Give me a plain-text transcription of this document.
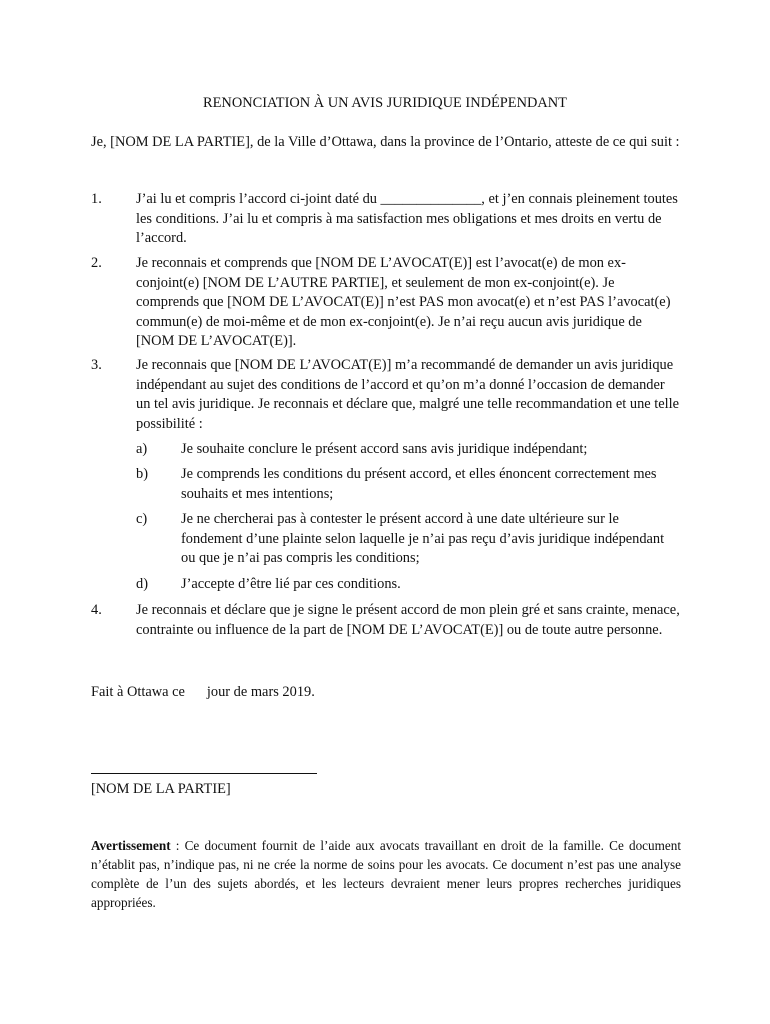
RENONCIATION À UN AVIS JURIDIQUE INDÉPENDANT
Je, [NOM DE LA PARTIE], de la Ville d’Ottawa, dans la province de l’Ontario, atteste de ce qui suit :
1. J’ai lu et compris l’accord ci-joint daté du ______________, et j’en connais pleinement toutes les conditions. J’ai lu et compris à ma satisfaction mes obligations et mes droits en vertu de l’accord.
2. Je reconnais et comprends que [NOM DE L’AVOCAT(E)] est l’avocat(e) de mon ex-conjoint(e) [NOM DE L’AUTRE PARTIE], et seulement de mon ex-conjoint(e). Je comprends que [NOM DE L’AVOCAT(E)] n’est PAS mon avocat(e) et n’est PAS l’avocat(e) commun(e) de moi-même et de mon ex-conjoint(e). Je n’ai reçu aucun avis juridique de [NOM DE L’AVOCAT(E)].
3. Je reconnais que [NOM DE L’AVOCAT(E)] m’a recommandé de demander un avis juridique indépendant au sujet des conditions de l’accord et qu’on m’a donné l’occasion de demander un tel avis juridique. Je reconnais et déclare que, malgré une telle recommandation et une telle possibilité :
a) Je souhaite conclure le présent accord sans avis juridique indépendant;
b) Je comprends les conditions du présent accord, et elles énoncent correctement mes souhaits et mes intentions;
c) Je ne chercherai pas à contester le présent accord à une date ultérieure sur le fondement d’une plainte selon laquelle je n’ai pas reçu d’avis juridique indépendant ou que je n’ai pas compris les conditions;
d) J’accepte d’être lié par ces conditions.
4. Je reconnais et déclare que je signe le présent accord de mon plein gré et sans crainte, menace, contrainte ou influence de la part de [NOM DE L’AVOCAT(E)] ou de toute autre personne.
Fait à Ottawa ce jour de mars 2019.
[NOM DE LA PARTIE]
Avertissement : Ce document fournit de l’aide aux avocats travaillant en droit de la famille. Ce document n’établit pas, n’indique pas, ni ne crée la norme de soins pour les avocats. Ce document n’est pas une analyse complète de l’un des sujets abordés, et les lecteurs devraient mener leurs propres recherches juridiques appropriées.
